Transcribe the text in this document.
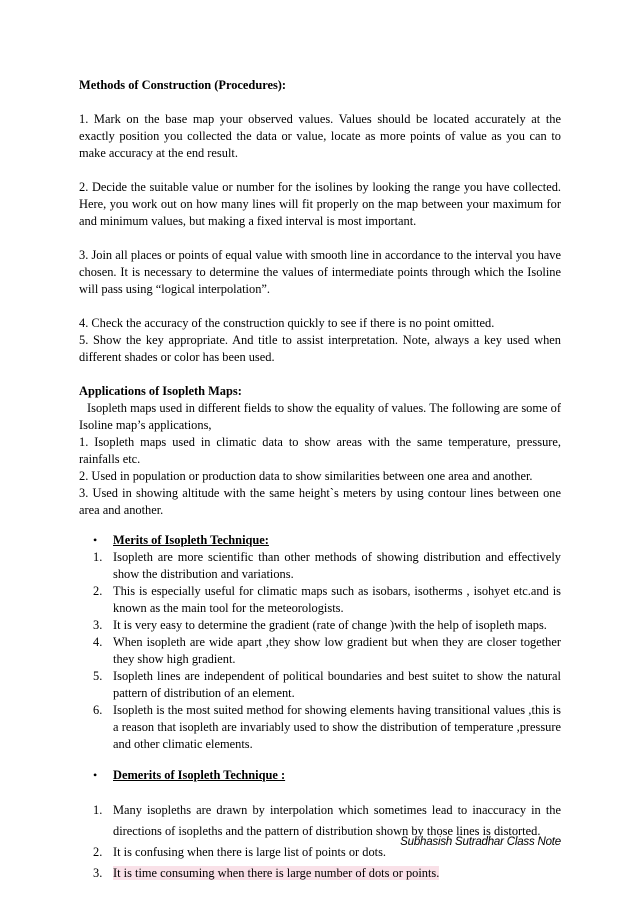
Methods of Construction (Procedures):

1. Mark on the base map your observed values. Values should be located accurately at the exactly position you collected the data or value, locate as more points of value as you can to make accuracy at the end result.

2. Decide the suitable value or number for the isolines by looking the range you have collected. Here, you work out on how many lines will fit properly on the map between your maximum for and minimum values, but making a fixed interval is most important.

3. Join all places or points of equal value with smooth line in accordance to the interval you have chosen. It is necessary to determine the values of intermediate points through which the Isoline will pass using “logical interpolation”.

4. Check the accuracy of the construction quickly to see if there is no point omitted.

5. Show the key appropriate. And title to assist interpretation. Note, always a key used when different shades or color has been used.

Applications of Isopleth Maps:

Isopleth maps used in different fields to show the equality of values. The following are some of Isoline map’s applications,

1. Isopleth maps used in climatic data to show areas with the same temperature, pressure, rainfalls etc.

2. Used in population or production data to show similarities between one area and another.

3. Used in showing altitude with the same height`s meters by using contour lines between one area and another.

•	Merits of Isopleth Technique:
1. Isopleth are more scientific than other methods of showing distribution and effectively show the distribution and variations.
2. This is especially useful for climatic maps such as isobars, isotherms , isohyet etc.and is known as the main tool for the meteorologists.
3. It is very easy to determine the gradient (rate of change )with the help of isopleth maps.
4. When isopleth are wide apart ,they show low gradient but when they are closer together they show high gradient.
5. Isopleth lines are independent of political boundaries and best suitet to show the natural pattern of distribution of an element.
6. Isopleth is the most suited method for showing elements having transitional values ,this is a reason that isopleth are invariably used to show the distribution of temperature ,pressure and other climatic elements.
•	Demerits of Isopleth Technique :
1. Many isopleths are drawn by interpolation which sometimes lead to inaccuracy in the directions of isopleths and the pattern of distribution shown by those lines is distorted.
2. It is confusing when there is large list of points or dots.
3. It is time consuming when there is large number of dots or points.
Subhasish Sutradhar Class Note
